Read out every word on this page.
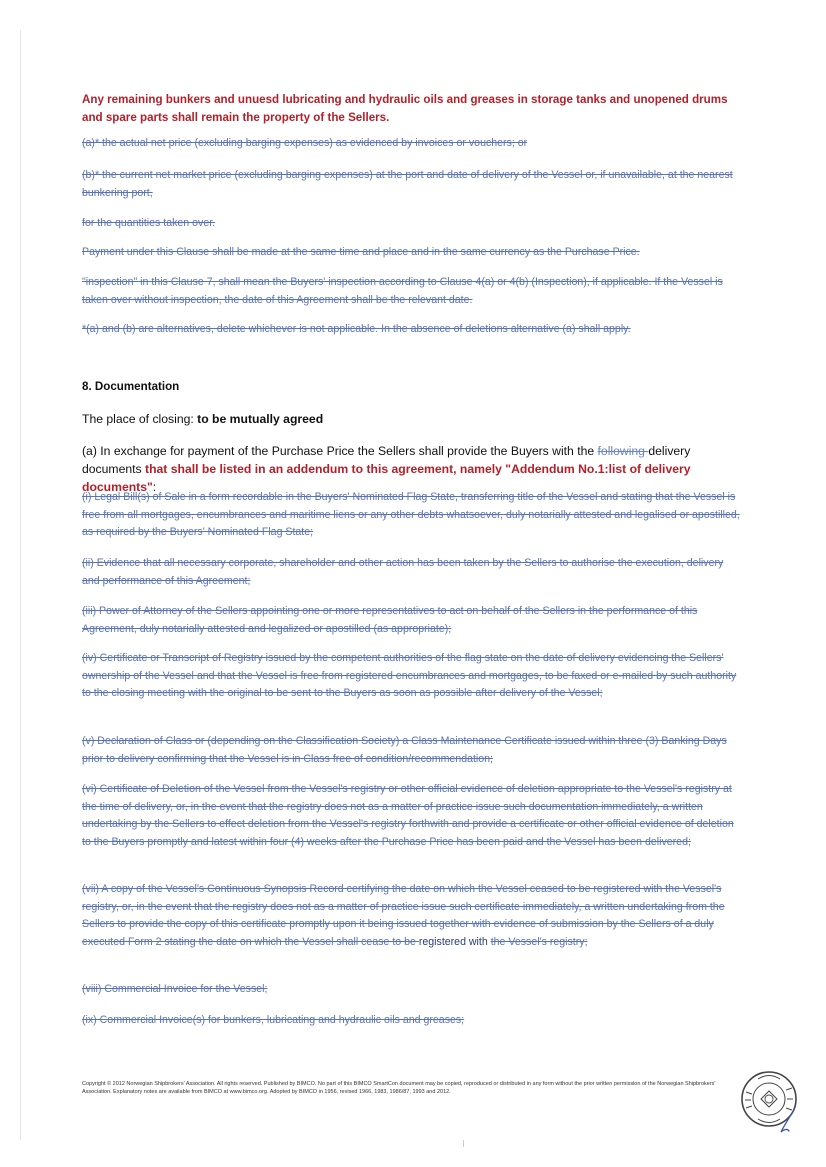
Any remaining bunkers and unuesd lubricating and hydraulic oils and greases in storage tanks and unopened drums and spare parts shall remain the property of the Sellers.

(a)* the actual net price (excluding barging expenses) as evidenced by invoices or vouchers; or

(b)* the current net market price (excluding barging expenses) at the port and date of delivery of the Vessel or, if unavailable, at the nearest bunkering port,

for the quantities taken over.

Payment under this Clause shall be made at the same time and place and in the same currency as the Purchase Price.

"inspection" in this Clause 7, shall mean the Buyers' inspection according to Clause 4(a) or 4(b) (Inspection), if applicable. If the Vessel is taken over without inspection, the date of this Agreement shall be the relevant date.

*(a) and (b) are alternatives, delete whichever is not applicable. In the absence of deletions alternative (a) shall apply.

8. Documentation

The place of closing: to be mutually agreed

(a) In exchange for payment of the Purchase Price the Sellers shall provide the Buyers with the following delivery documents that shall be listed in an addendum to this agreement, namely "Addendum No.1:list of delivery documents":

(i) Legal Bill(s) of Sale in a form recordable in the Buyers' Nominated Flag State, transferring title of the Vessel and stating that the Vessel is free from all mortgages, encumbrances and maritime liens or any other debts whatsoever, duly notarially attested and legalised or apostilled, as required by the Buyers' Nominated Flag State;

(ii) Evidence that all necessary corporate, shareholder and other action has been taken by the Sellers to authorise the execution, delivery and performance of this Agreement;

(iii) Power of Attorney of the Sellers appointing one or more representatives to act on behalf of the Sellers in the performance of this Agreement, duly notarially attested and legalized or apostilled (as appropriate);

(iv) Certificate or Transcript of Registry issued by the competent authorities of the flag state on the date of delivery evidencing the Sellers' ownership of the Vessel and that the Vessel is free from registered encumbrances and mortgages, to be faxed or e-mailed by such authority to the closing meeting with the original to be sent to the Buyers as soon as possible after delivery of the Vessel;

(v) Declaration of Class or (depending on the Classification Society) a Class Maintenance Certificate issued within three (3) Banking Days prior to delivery confirming that the Vessel is in Class free of condition/recommendation;

(vi) Certificate of Deletion of the Vessel from the Vessel's registry or other official evidence of deletion appropriate to the Vessel's registry at the time of delivery, or, in the event that the registry does not as a matter of practice issue such documentation immediately, a written undertaking by the Sellers to effect deletion from the Vessel's registry forthwith and provide a certificate or other official evidence of deletion to the Buyers promptly and latest within four (4) weeks after the Purchase Price has been paid and the Vessel has been delivered;

(vii) A copy of the Vessel's Continuous Synopsis Record certifying the date on which the Vessel ceased to be registered with the Vessel's registry, or, in the event that the registry does not as a matter of practice issue such certificate immediately, a written undertaking from the Sellers to provide the copy of this certificate promptly upon it being issued together with evidence of submission by the Sellers of a duly executed Form 2 stating the date on which the Vessel shall cease to be registered with the Vessel's registry;

(viii) Commercial Invoice for the Vessel;

(ix) Commercial Invoice(s) for bunkers, lubricating and hydraulic oils and greases;

Copyright © 2012 Norwegian Shipbrokers' Association. All rights reserved. Published by BIMCO. No part of this BIMCO SmartCon document may be copied, reproduced or distributed in any form without the prior written permission of the Norwegian Shipbrokers' Association. Explanatory notes are available from BIMCO at www.bimco.org. Adopted by BIMCO in 1956, revised 1966, 1983, 1986/87, 1993 and 2012.
